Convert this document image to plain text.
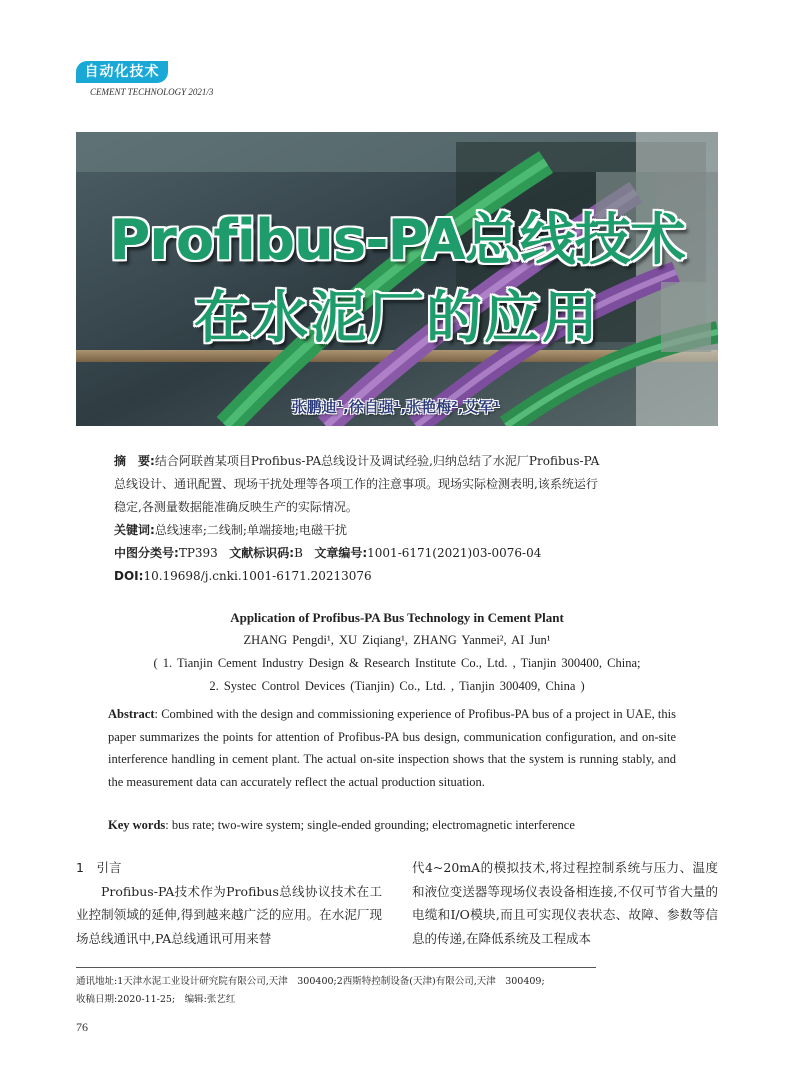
自动化技术
CEMENT TECHNOLOGY 2021/3
Profibus-PA总线技术
在水泥厂的应用
张鹏迪¹,徐自强¹,张艳梅²,艾军¹
摘　要:结合阿联酋某项目Profibus-PA总线设计及调试经验,归纳总结了水泥厂Profibus-PA
总线设计、通讯配置、现场干扰处理等各项工作的注意事项。现场实际检测表明,该系统运行
稳定,各测量数据能准确反映生产的实际情况。
关键词:总线速率;二线制;单端接地;电磁干扰
中图分类号:TP393 文献标识码:B 文章编号:1001-6171(2021)03-0076-04
DOI:10.19698/j.cnki.1001-6171.20213076
Application of Profibus-PA Bus Technology in Cement Plant
ZHANG Pengdi¹, XU Ziqiang¹, ZHANG Yanmei², AI Jun¹
( 1. Tianjin Cement Industry Design & Research Institute Co., Ltd. , Tianjin 300400, China;
2. Systec Control Devices (Tianjin) Co., Ltd. , Tianjin 300409, China )
Abstract: Combined with the design and commissioning experience of Profibus-PA bus of a project in UAE, this paper summarizes the points for attention of Profibus-PA bus design, communication configuration, and on-site interference handling in cement plant. The actual on-site inspection shows that the system is running stably, and the measurement data can accurately reflect the actual production situation.
Key words: bus rate; two-wire system; single-ended grounding; electromagnetic interference

1　引言

Profibus-PA技术作为Profibus总线协议技术在工业控制领域的延伸,得到越来越广泛的应用。在水泥厂现场总线通讯中,PA总线通讯可用来替

代4~20mA的模拟技术,将过程控制系统与压力、温度和液位变送器等现场仪表设备相连接,不仅可节省大量的电缆和I/O模块,而且可实现仪表状态、故障、参数等信息的传递,在降低系统及工程成本

通讯地址:1天津水泥工业设计研究院有限公司,天津　300400;2西斯特控制设备(天津)有限公司,天津　300409;
收稿日期:2020-11-25;　编辑:张艺红
76
